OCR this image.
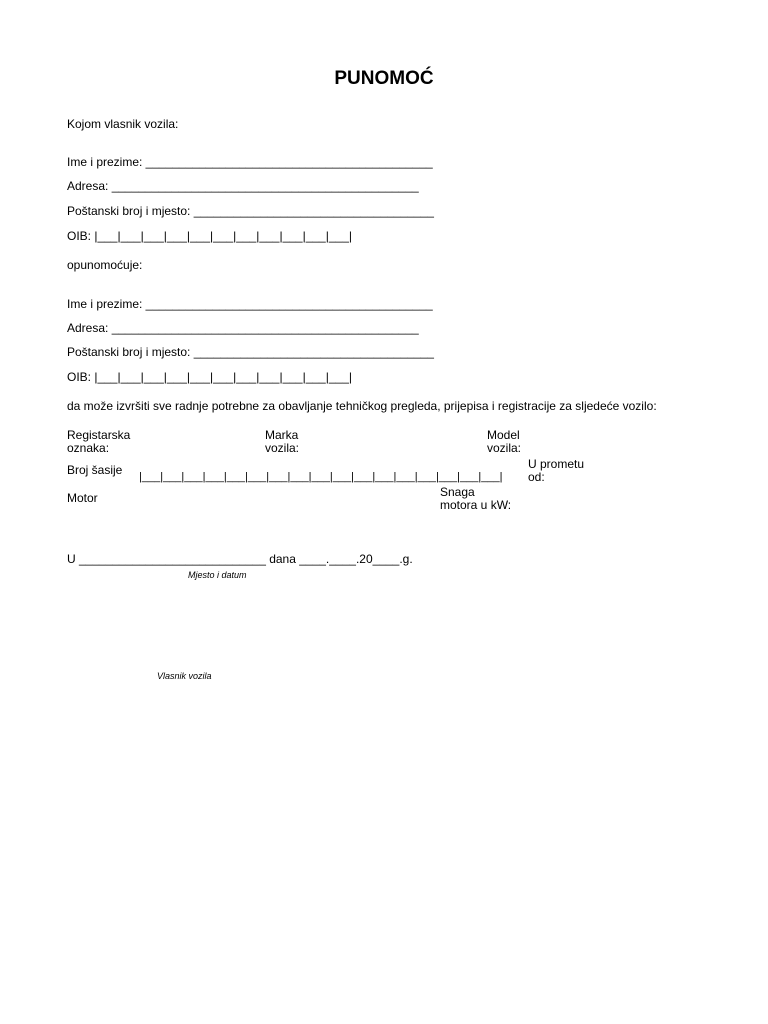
PUNOMOĆ
Kojom vlasnik vozila:
Ime i prezime: ___________________________________________
Adresa: ______________________________________________
Poštanski broj i mjesto: ____________________________________
OIB: |___|___|___|___|___|___|___|___|___|___|___|
opunomoćuje:
Ime i prezime: ___________________________________________
Adresa: ______________________________________________
Poštanski broj i mjesto: ____________________________________
OIB: |___|___|___|___|___|___|___|___|___|___|___|
da može izvršiti sve radnje potrebne za obavljanje tehničkog pregleda, prijepisa i registracije za sljedeće vozilo:
Registarska
oznaka:
Marka
vozila:
Model
vozila:
Broj šasije |___|___|___|___|___|___|___|___|___|___|___|___|___|___|___|___|___|
U prometu
od:
Motor	Snaga
motora u kW:
U ____________________________ dana ____.____.20____.g.
Mjesto i datum
Vlasnik vozila
